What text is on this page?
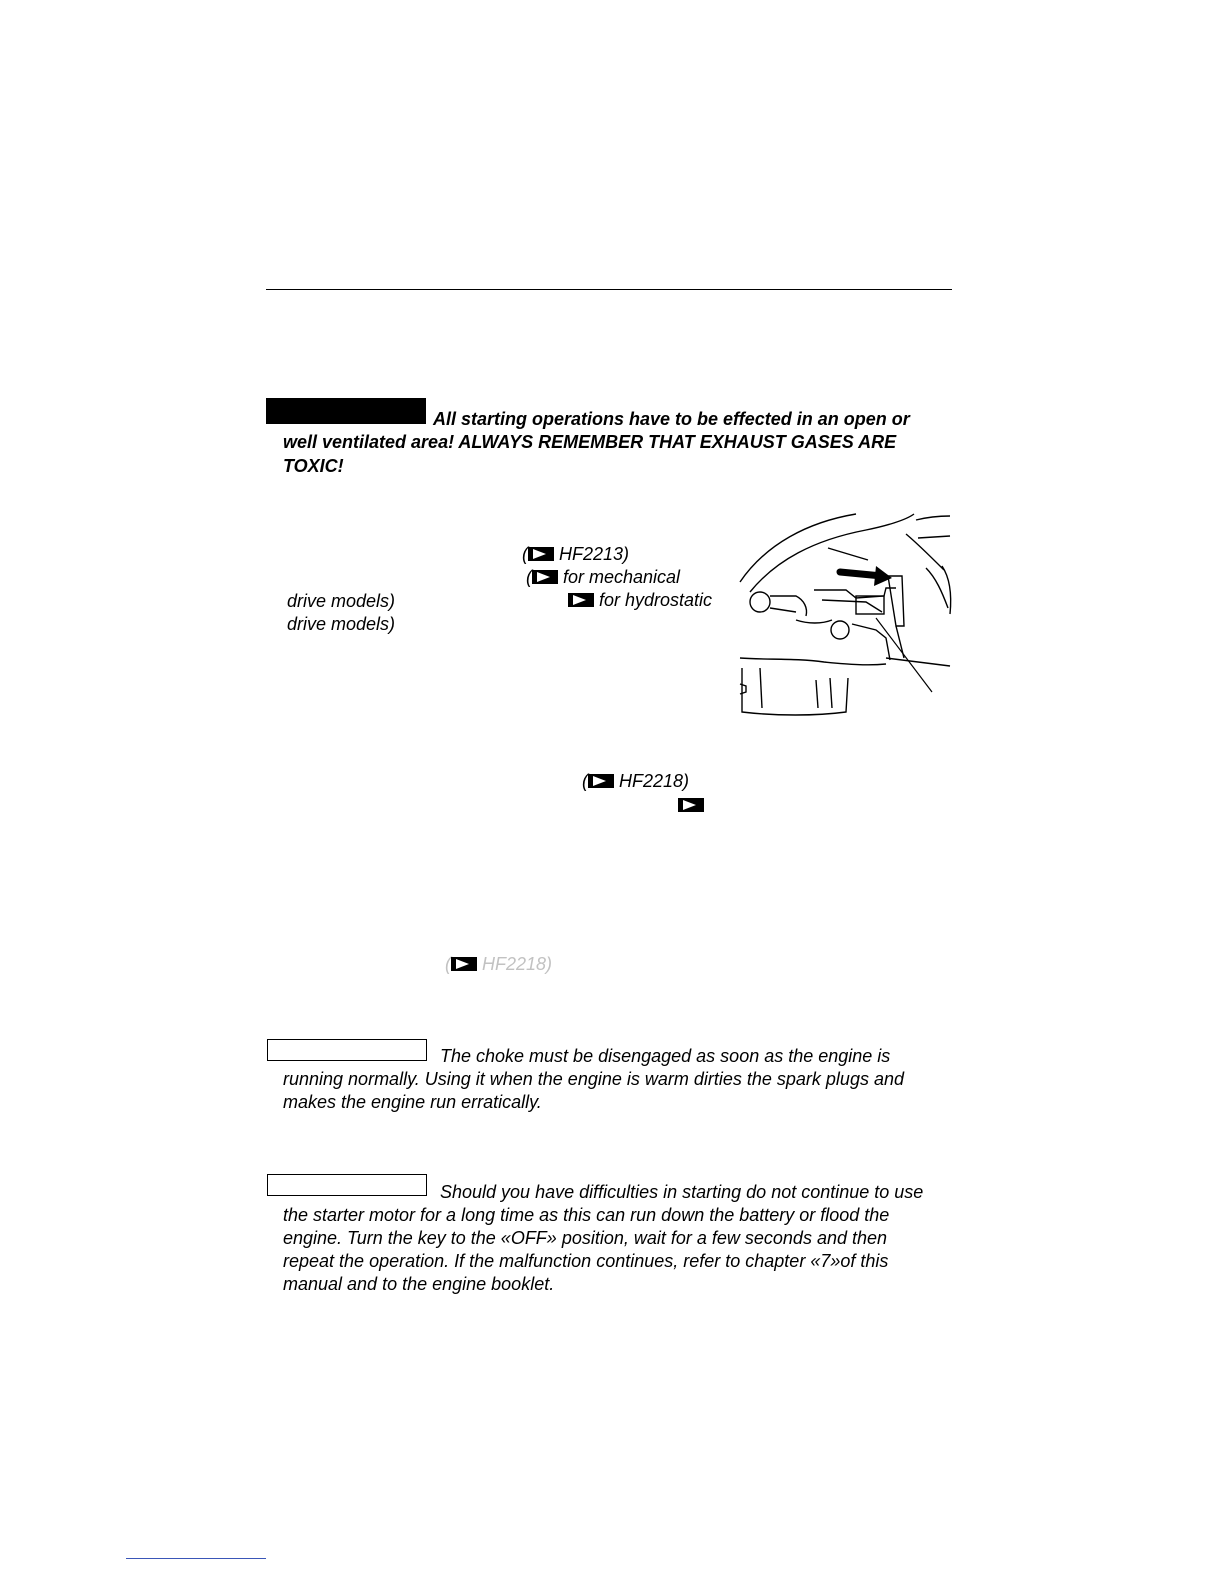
All starting operations have to be effected in an open or
well ventilated area! ALWAYS REMEMBER THAT EXHAUST GASES ARE
TOXIC!
( HF2213)
( for mechanical
drive models)	for hydrostatic
drive models)
( HF2218)
( HF2218)
The choke must be disengaged as soon as the engine is
running normally. Using it when the engine is warm dirties the spark plugs and
makes the engine run erratically.
Should you have difficulties in starting do not continue to use
the starter motor for a long time as this can run down the battery or flood the
engine. Turn the key to the «OFF» position, wait for a few seconds and then
repeat the operation. If the malfunction continues, refer to chapter «7»of this
manual and to the engine booklet.
